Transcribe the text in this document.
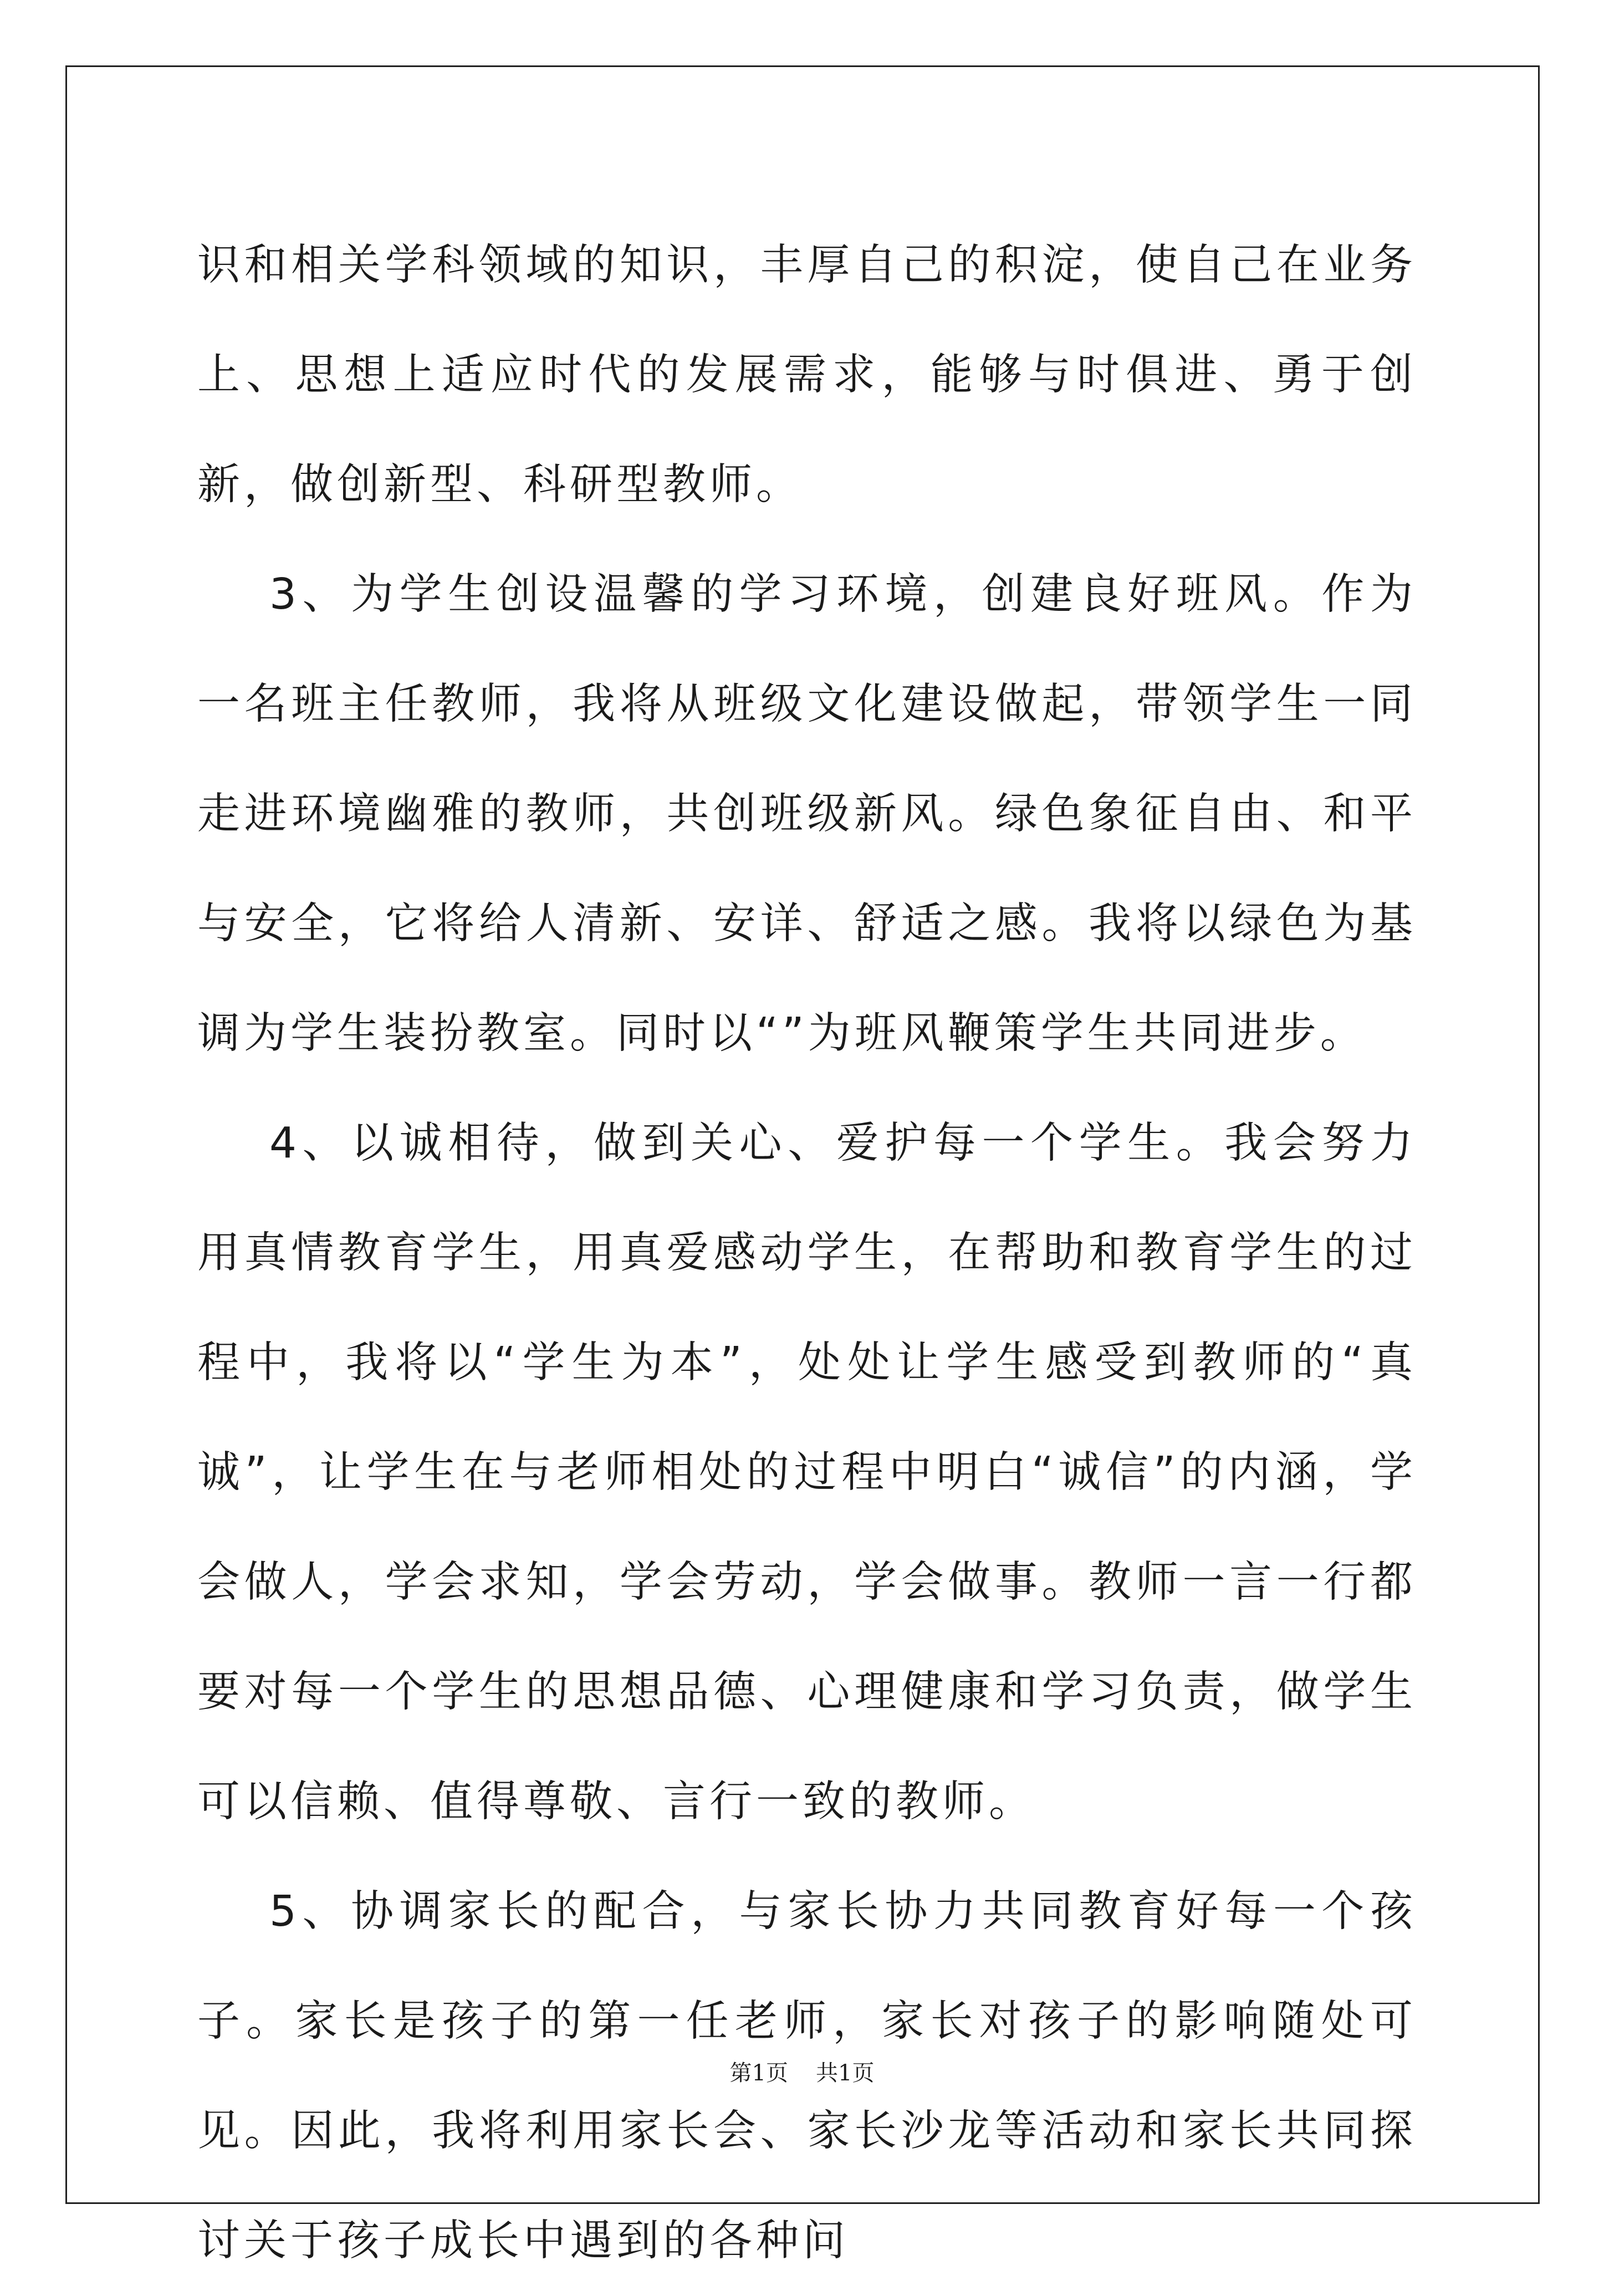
识和相关学科领域的知识，丰厚自己的积淀，使自己在业务上、思想上适应时代的发展需求，能够与时俱进、勇于创新，做创新型、科研型教师。

3、为学生创设温馨的学习环境，创建良好班风。作为一名班主任教师，我将从班级文化建设做起，带领学生一同走进环境幽雅的教师，共创班级新风。绿色象征自由、和平与安全，它将给人清新、安详、舒适之感。我将以绿色为基调为学生装扮教室。同时以“”为班风鞭策学生共同进步。

4、以诚相待，做到关心、爱护每一个学生。我会努力用真情教育学生，用真爱感动学生，在帮助和教育学生的过程中，我将以“学生为本”，处处让学生感受到教师的“真诚”，让学生在与老师相处的过程中明白“诚信”的内涵，学会做人，学会求知，学会劳动，学会做事。教师一言一行都要对每一个学生的思想品德、心理健康和学习负责，做学生可以信赖、值得尊敬、言行一致的教师。

5、协调家长的配合，与家长协力共同教育好每一个孩子。家长是孩子的第一任老师，家长对孩子的影响随处可见。因此，我将利用家长会、家长沙龙等活动和家长共同探讨关于孩子成长中遇到的各种问

第1页 共1页
